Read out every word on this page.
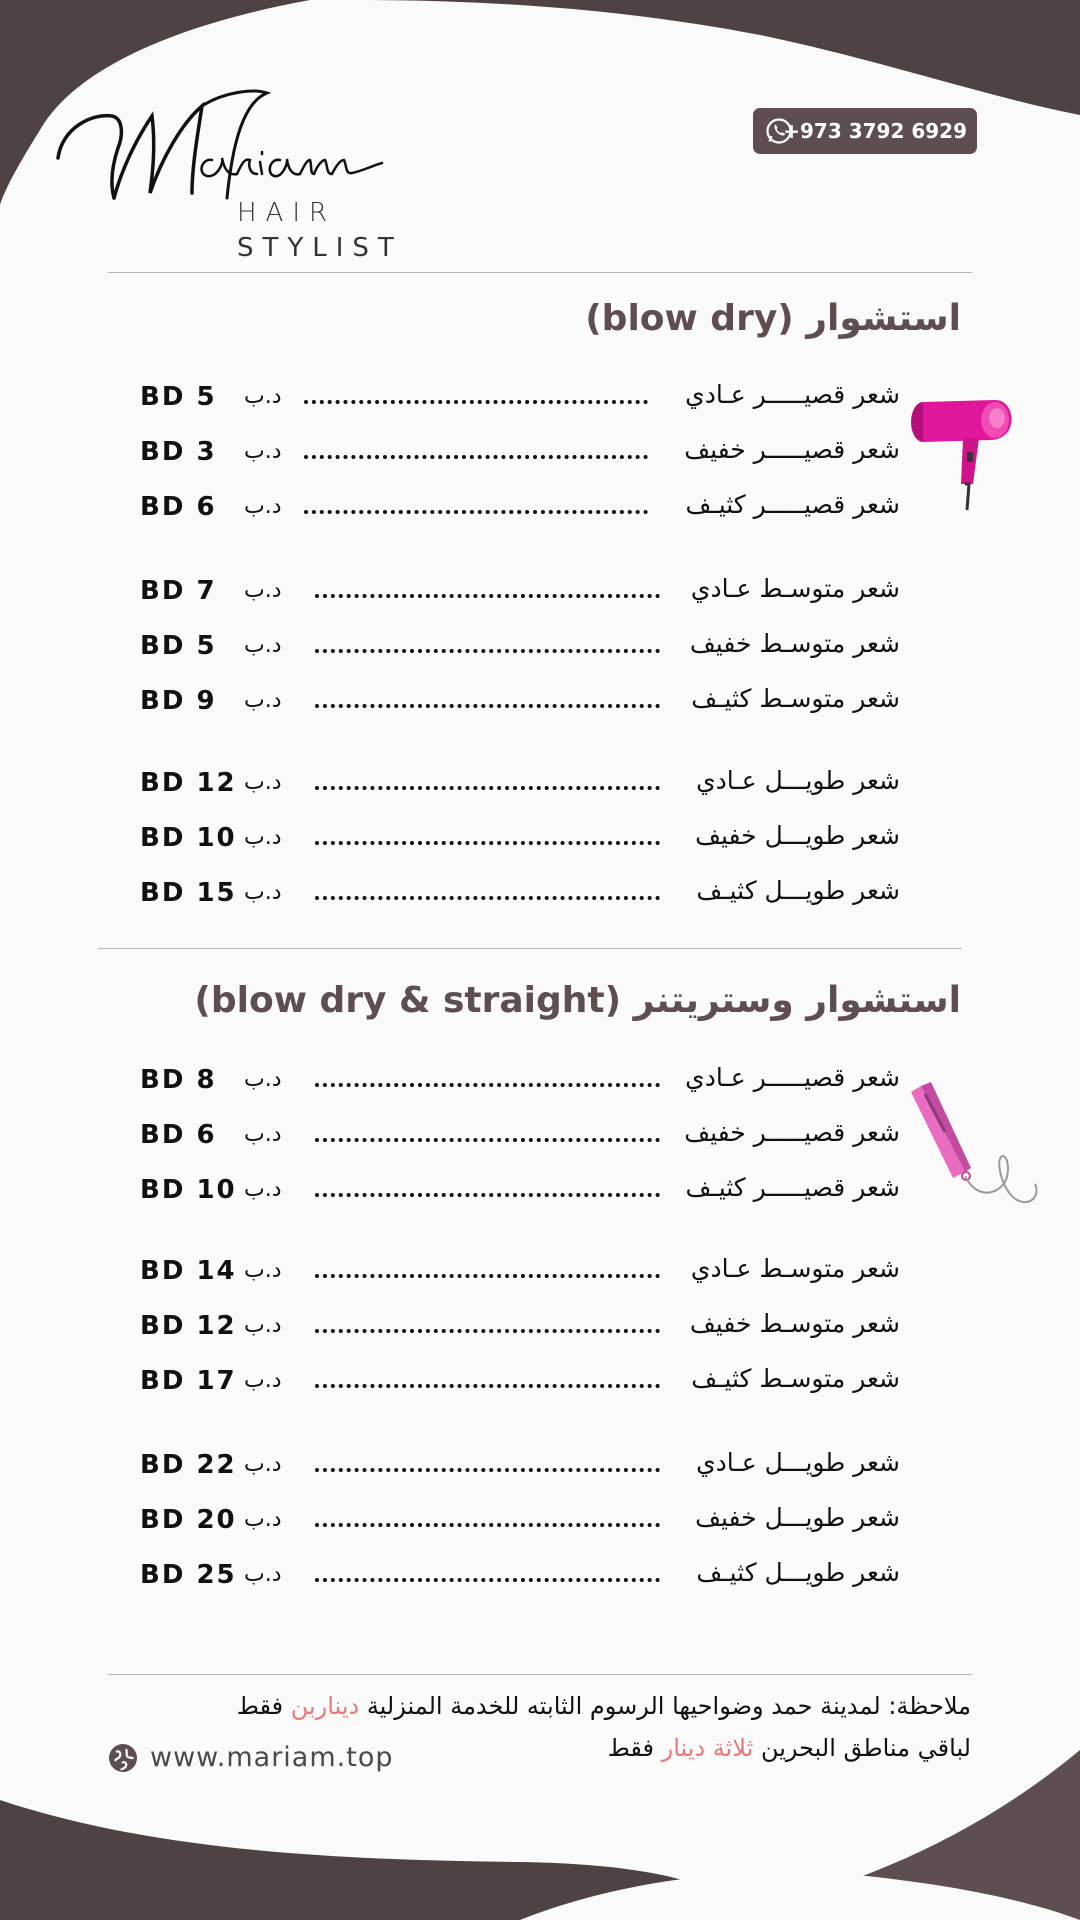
+973 3792 6929
HAIR
STYLIST
استشوار (blow dry)
BD 5 د.ب	شعر قصيـــــر عـادي
BD 3 د.ب	شعر قصيـــــر خفيف
BD 6 د.ب	شعر قصيـــــر كثيـف
BD 7 د.ب	شعر متوسـط عـادي
BD 5 د.ب	شعر متوسـط خفيف
BD 9 د.ب	شعر متوسـط كثيـف
BD 12 د.ب	شعر طويـــل عـادي
BD 10 د.ب	شعر طويـــل خفيف
BD 15 د.ب	شعر طويـــل كثيـف
استشوار وستريتنر (blow dry & straight)
BD 8 د.ب	شعر قصيـــــر عـادي
BD 6 د.ب	شعر قصيـــــر خفيف
BD 10 د.ب	شعر قصيـــــر كثيـف
BD 14 د.ب	شعر متوسـط عـادي
BD 12 د.ب	شعر متوسـط خفيف
BD 17 د.ب	شعر متوسـط كثيـف
BD 22 د.ب	شعر طويـــل عـادي
BD 20 د.ب	شعر طويـــل خفيف
BD 25 د.ب	شعر طويـــل كثيـف
ملاحظة: لمدينة حمد وضواحيها الرسوم الثابته للخدمة المنزلية ديناربن فقط
لباقي مناطق البحرين ثلاثة دينار فقط
www.mariam.top
